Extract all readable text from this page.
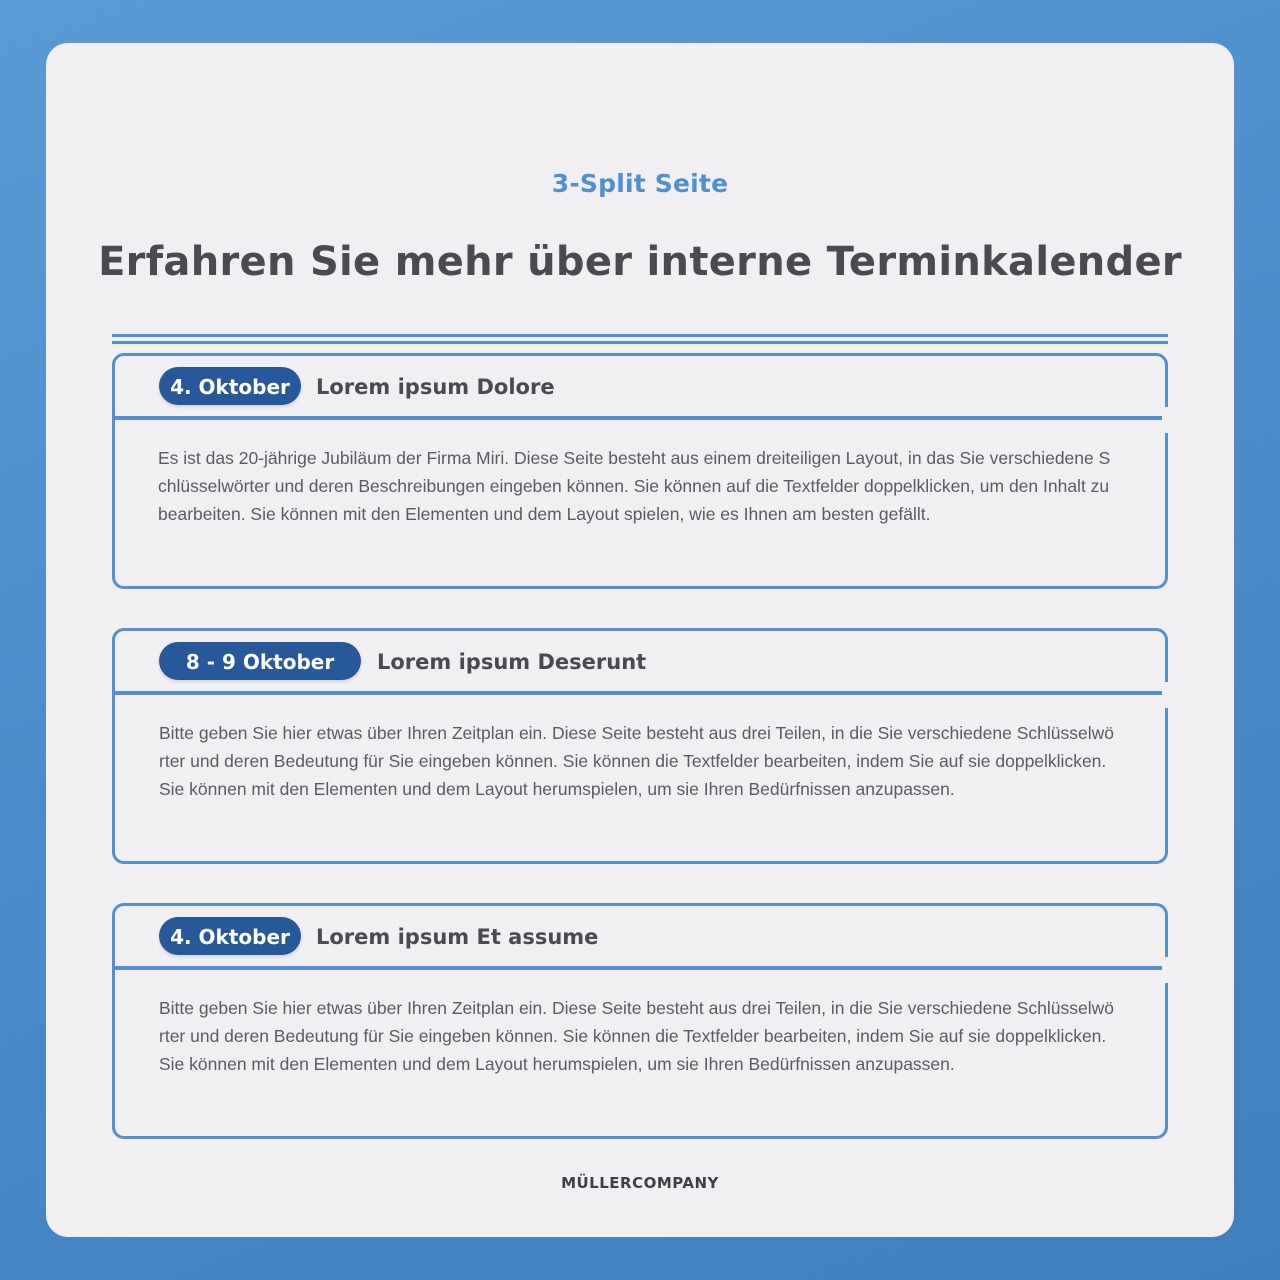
3-Split Seite
Erfahren Sie mehr über interne Terminkalender
4. Oktober	Lorem ipsum Dolore
Es ist das 20-jährige Jubiläum der Firma Miri. Diese Seite besteht aus einem dreiteiligen Layout, in das Sie verschiedene Schlüsselwörter und deren Beschreibungen eingeben können. Sie können auf die Textfelder doppelklicken, um den Inhalt zu bearbeiten. Sie können mit den Elementen und dem Layout spielen, wie es Ihnen am besten gefällt.
8 - 9 Oktober	Lorem ipsum Deserunt
Bitte geben Sie hier etwas über Ihren Zeitplan ein. Diese Seite besteht aus drei Teilen, in die Sie verschiedene Schlüsselwörter und deren Bedeutung für Sie eingeben können. Sie können die Textfelder bearbeiten, indem Sie auf sie doppelklicken. Sie können mit den Elementen und dem Layout herumspielen, um sie Ihren Bedürfnissen anzupassen.
4. Oktober	Lorem ipsum Et assume
Bitte geben Sie hier etwas über Ihren Zeitplan ein. Diese Seite besteht aus drei Teilen, in die Sie verschiedene Schlüsselwörter und deren Bedeutung für Sie eingeben können. Sie können die Textfelder bearbeiten, indem Sie auf sie doppelklicken. Sie können mit den Elementen und dem Layout herumspielen, um sie Ihren Bedürfnissen anzupassen.
MÜLLERCOMPANY
